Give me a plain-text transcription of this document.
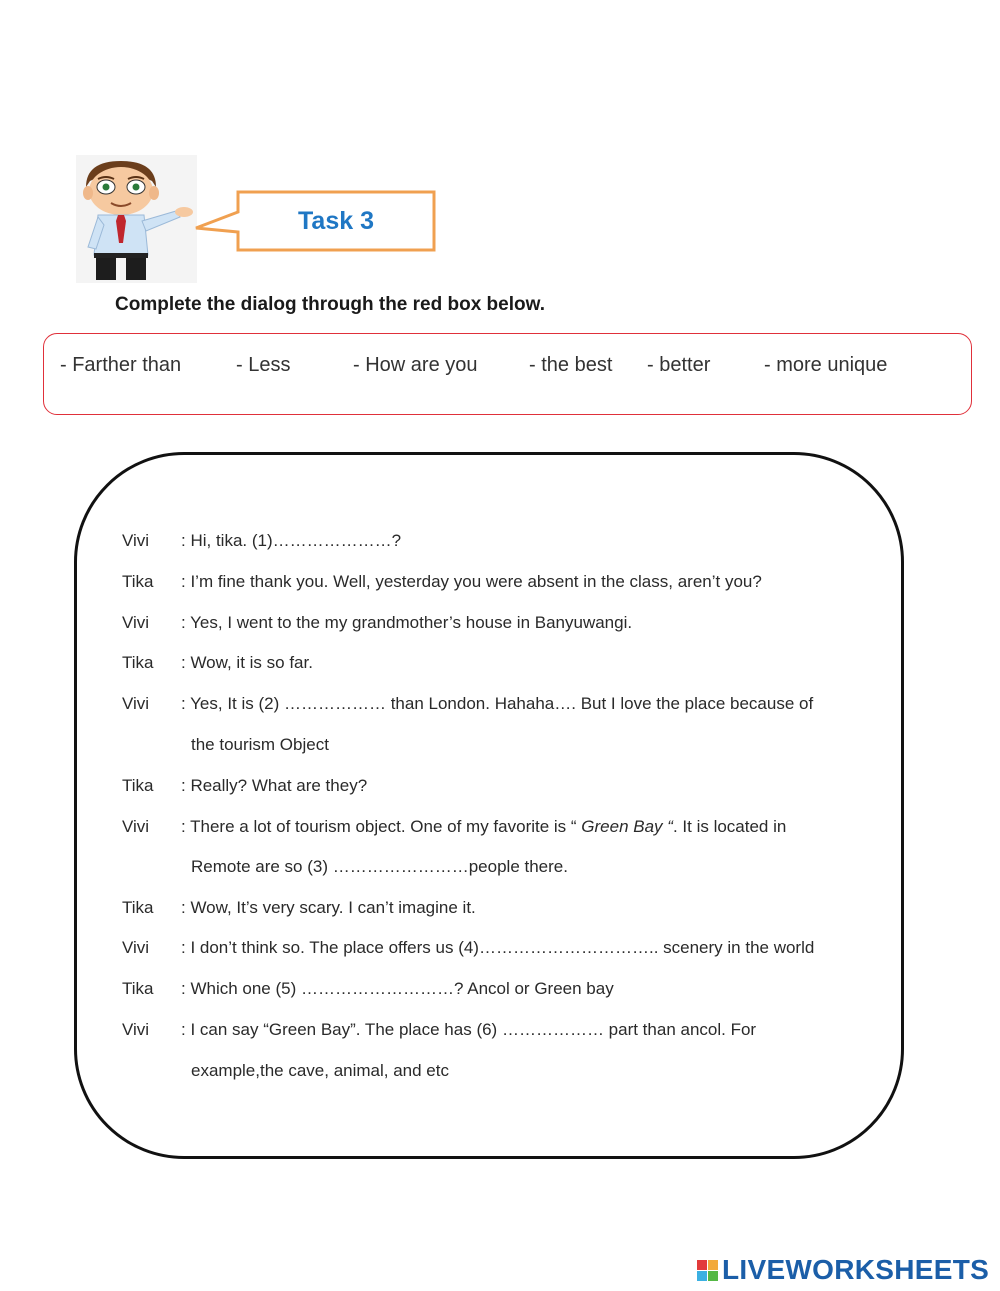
Task 3
Complete the dialog through the red box below.
- Farther than	- Less	- How are you	- the best - better	- more unique
Vivi : Hi, tika. (1)…………………?
Tika : I’m fine thank you. Well, yesterday you were absent in the class, aren’t you?
Vivi : Yes, I went to the my grandmother’s house in Banyuwangi.
Tika : Wow, it is so far.
Vivi : Yes, It is (2) ……………… than London. Hahaha…. But I love the place because of
the tourism Object
Tika : Really? What are they?
Vivi : There a lot of tourism object. One of my favorite is “ Green Bay “. It is located in
Remote are so (3) ……………………people there.
Tika : Wow, It’s very scary. I can’t imagine it.
Vivi : I don’t think so. The place offers us (4)………………………….. scenery in the world
Tika : Which one (5) ………………………? Ancol or Green bay
Vivi : I can say “Green Bay”. The place has (6) ……………… part than ancol. For
example,the cave, animal, and etc
LIVEWORKSHEETS
